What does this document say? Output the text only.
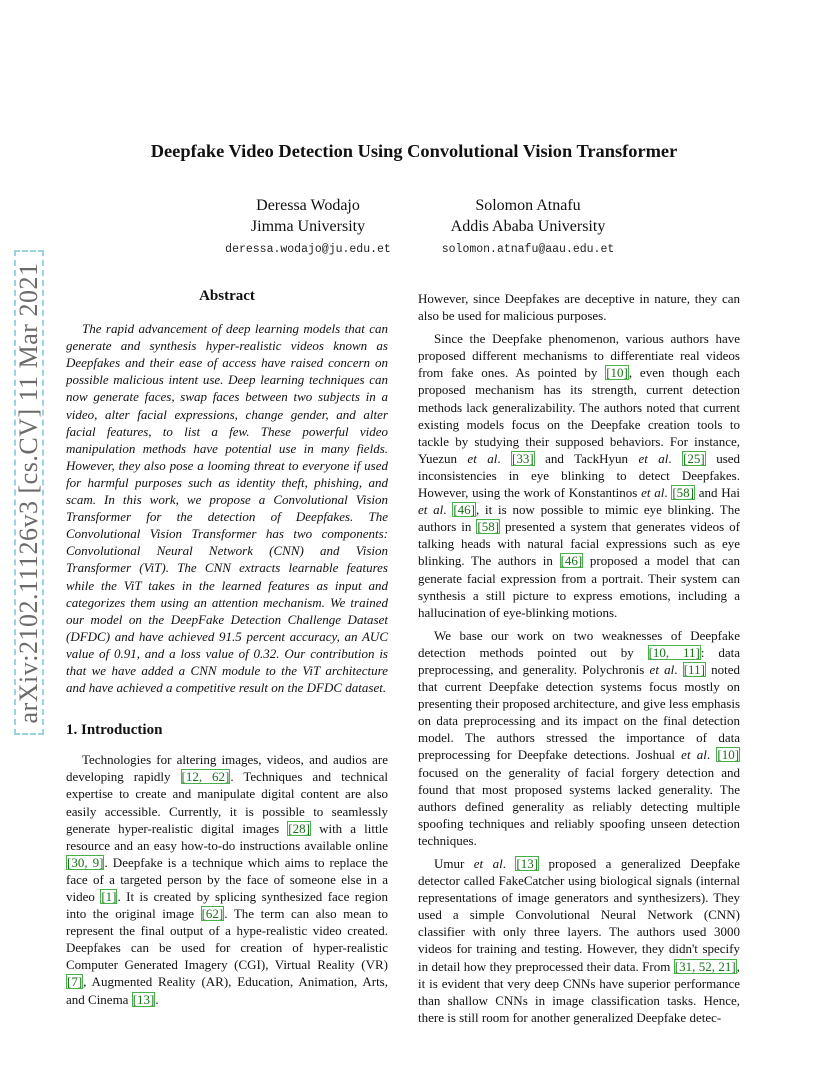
arXiv:2102.11126v3 [cs.CV] 11 Mar 2021
Deepfake Video Detection Using Convolutional Vision Transformer
Deressa Wodajo
Jimma University
deressa.wodajo@ju.edu.et
Solomon Atnafu
Addis Ababa University
solomon.atnafu@aau.edu.et
Abstract

The rapid advancement of deep learning models that can generate and synthesis hyper-realistic videos known as Deepfakes and their ease of access have raised concern on possible malicious intent use. Deep learning techniques can now generate faces, swap faces between two subjects in a video, alter facial expressions, change gender, and alter facial features, to list a few. These powerful video manipulation methods have potential use in many fields. However, they also pose a looming threat to everyone if used for harmful purposes such as identity theft, phishing, and scam. In this work, we propose a Convolutional Vision Transformer for the detection of Deepfakes. The Convolutional Vision Transformer has two components: Convolutional Neural Network (CNN) and Vision Transformer (ViT). The CNN extracts learnable features while the ViT takes in the learned features as input and categorizes them using an attention mechanism. We trained our model on the DeepFake Detection Challenge Dataset (DFDC) and have achieved 91.5 percent accuracy, an AUC value of 0.91, and a loss value of 0.32. Our contribution is that we have added a CNN module to the ViT architecture and have achieved a competitive result on the DFDC dataset.

1. Introduction

Technologies for altering images, videos, and audios are developing rapidly [12, 62]. Techniques and technical expertise to create and manipulate digital content are also easily accessible. Currently, it is possible to seamlessly generate hyper-realistic digital images [28] with a little resource and an easy how-to-do instructions available online [30, 9]. Deepfake is a technique which aims to replace the face of a targeted person by the face of someone else in a video [1]. It is created by splicing synthesized face region into the original image [62]. The term can also mean to represent the final output of a hype-realistic video created. Deepfakes can be used for creation of hyper-realistic Computer Generated Imagery (CGI), Virtual Reality (VR) [7], Augmented Reality (AR), Education, Animation, Arts, and Cinema [13].

However, since Deepfakes are deceptive in nature, they can also be used for malicious purposes.

Since the Deepfake phenomenon, various authors have proposed different mechanisms to differentiate real videos from fake ones. As pointed by [10], even though each proposed mechanism has its strength, current detection methods lack generalizability. The authors noted that current existing models focus on the Deepfake creation tools to tackle by studying their supposed behaviors. For instance, Yuezun et al. [33] and TackHyun et al. [25] used inconsistencies in eye blinking to detect Deepfakes. However, using the work of Konstantinos et al. [58] and Hai et al. [46], it is now possible to mimic eye blinking. The authors in [58] presented a system that generates videos of talking heads with natural facial expressions such as eye blinking. The authors in [46] proposed a model that can generate facial expression from a portrait. Their system can synthesis a still picture to express emotions, including a hallucination of eye-blinking motions.

We base our work on two weaknesses of Deepfake detection methods pointed out by [10, 11]: data preprocessing, and generality. Polychronis et al. [11] noted that current Deepfake detection systems focus mostly on presenting their proposed architecture, and give less emphasis on data preprocessing and its impact on the final detection model. The authors stressed the importance of data preprocessing for Deepfake detections. Joshual et al. [10] focused on the generality of facial forgery detection and found that most proposed systems lacked generality. The authors defined generality as reliably detecting multiple spoofing techniques and reliably spoofing unseen detection techniques.

Umur et al. [13] proposed a generalized Deepfake detector called FakeCatcher using biological signals (internal representations of image generators and synthesizers). They used a simple Convolutional Neural Network (CNN) classifier with only three layers. The authors used 3000 videos for training and testing. However, they didn't specify in detail how they preprocessed their data. From [31, 52, 21], it is evident that very deep CNNs have superior performance than shallow CNNs in image classification tasks. Hence, there is still room for another generalized Deepfake detec-
